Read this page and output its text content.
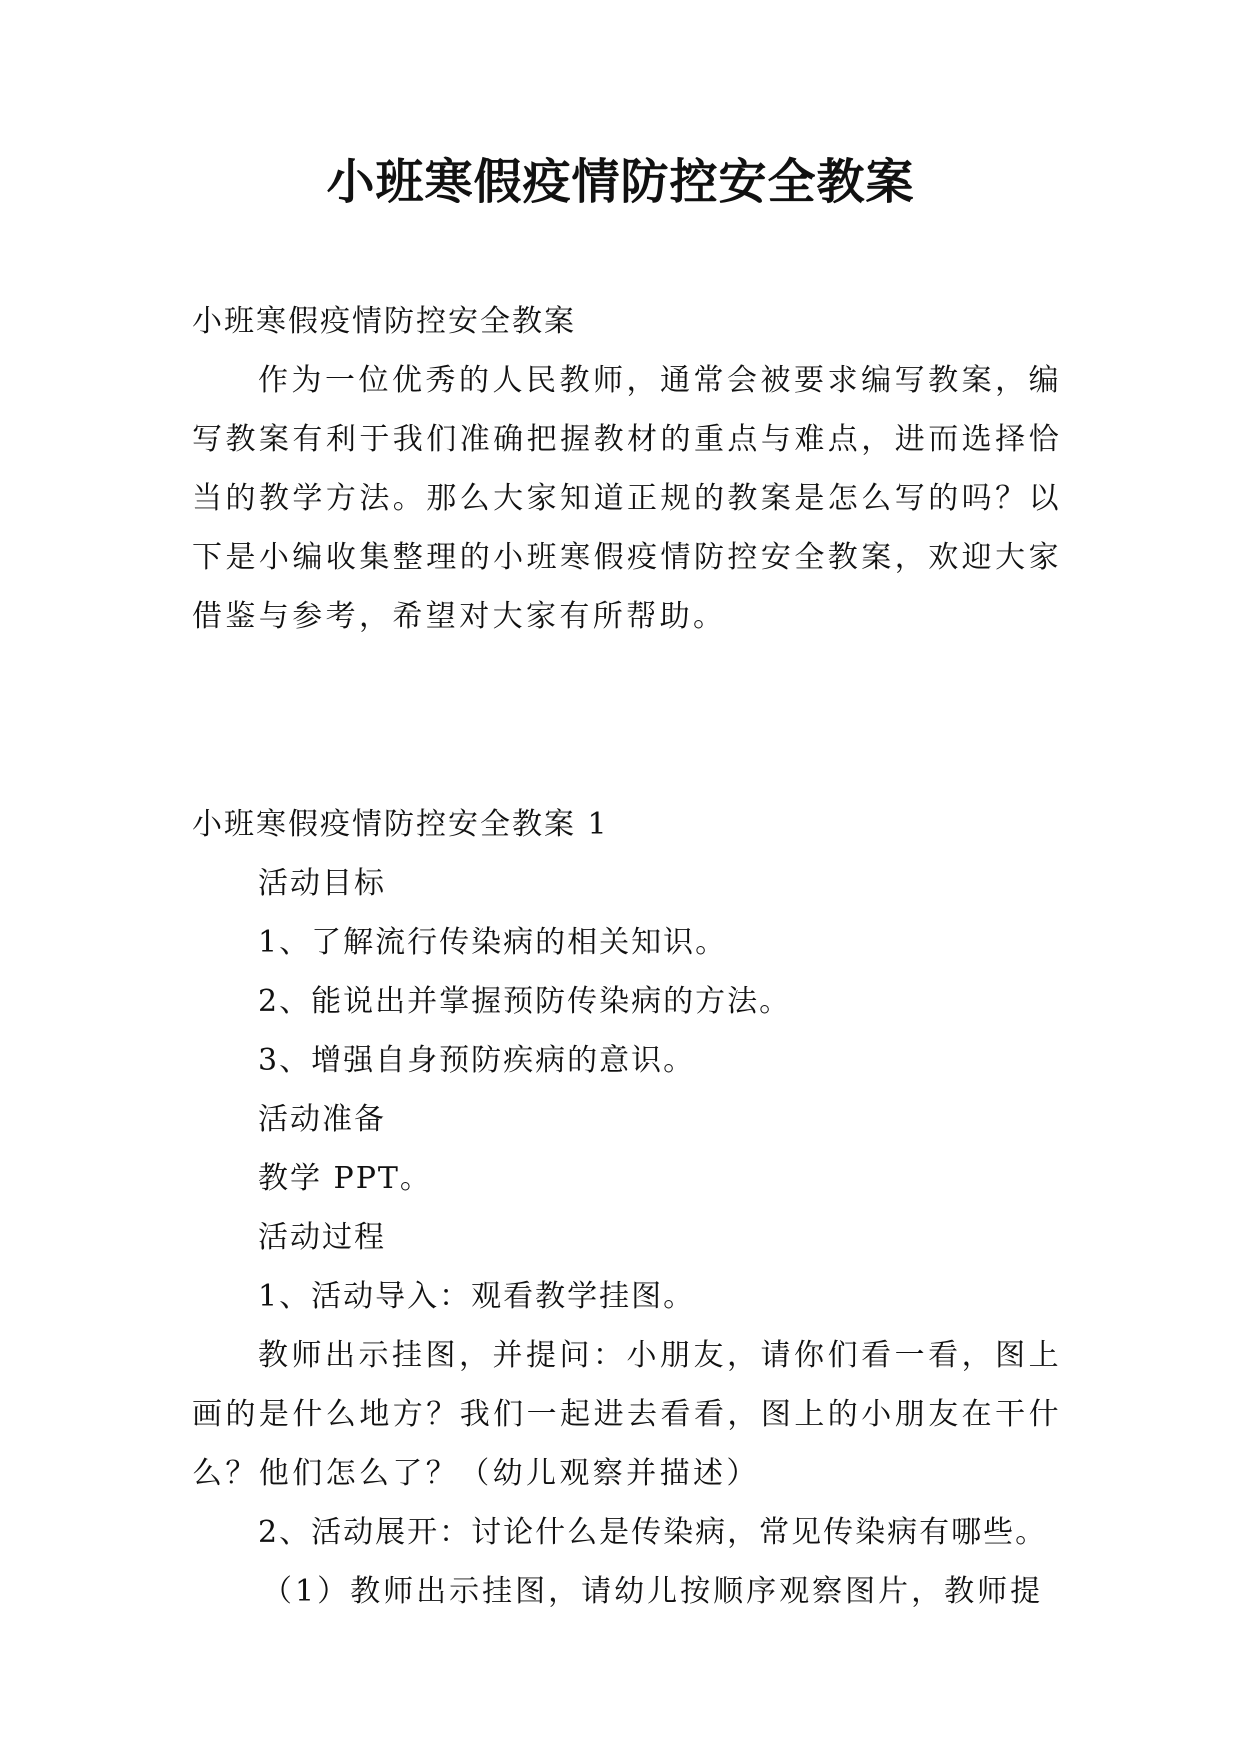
小班寒假疫情防控安全教案

小班寒假疫情防控安全教案

作为一位优秀的人民教师，通常会被要求编写教案，编写教案有利于我们准确把握教材的重点与难点，进而选择恰当的教学方法。那么大家知道正规的教案是怎么写的吗？以下是小编收集整理的小班寒假疫情防控安全教案，欢迎大家借鉴与参考，希望对大家有所帮助。

小班寒假疫情防控安全教案 1

活动目标

1、了解流行传染病的相关知识。

2、能说出并掌握预防传染病的方法。

3、增强自身预防疾病的意识。

活动准备

教学 PPT。

活动过程

1、活动导入：观看教学挂图。

教师出示挂图，并提问：小朋友，请你们看一看，图上画的是什么地方？我们一起进去看看，图上的小朋友在干什么？他们怎么了？（幼儿观察并描述）

2、活动展开：讨论什么是传染病，常见传染病有哪些。

（1）教师出示挂图，请幼儿按顺序观察图片，教师提
